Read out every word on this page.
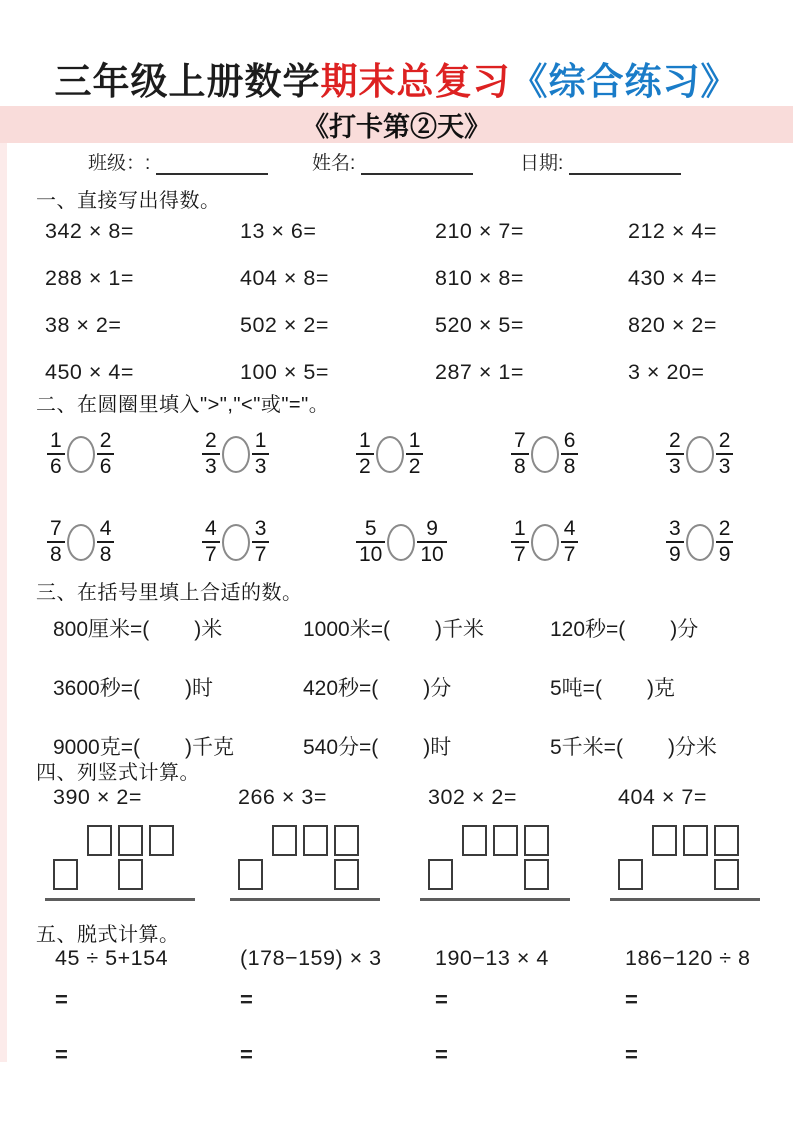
三年级上册数学期末总复习《综合练习》
《打卡第②天》
班级：:	姓名:	日期:
一、直接写出得数。
342 × 8=	13 × 6=	210 × 7=	212 × 4=
288 × 1=	404 × 8=	810 × 8=	430 × 4=
38 × 2=	502 × 2=	520 × 5=	820 × 2=
450 × 4=	100 × 5=	287 × 1=	3 × 20=
二、在圆圈里填入">","<"或"="。
$\frac{1}{6} \frac{2}{6}$	$\frac{2}{3} \frac{1}{3}$	$\frac{1}{2} \frac{1}{2}$	$\frac{7}{8} \frac{6}{8}$	$\frac{2}{3} \frac{2}{3}$
$\frac{7}{8} \frac{4}{8}$	$\frac{4}{7} \frac{3}{7}$	$\frac{5}{10} \frac{9}{10}$	$\frac{1}{7} \frac{4}{7}$	$\frac{3}{9} \frac{2}{9}$
三、在括号里填上合适的数。
800厘米=( )米	1000米=( )千米	120秒=( )分
3600秒=( )时	420秒=( )分	5吨=( )克
9000克=( )千克	540分=( )时	5千米=( )分米
四、列竖式计算。
390 × 2=	266 × 3=	302 × 2=	404 × 7=
五、脱式计算。
45 ÷ 5+154
=
=
(178−159) × 3
=
=
190−13 × 4
=
=
186−120 ÷ 8
=
=
